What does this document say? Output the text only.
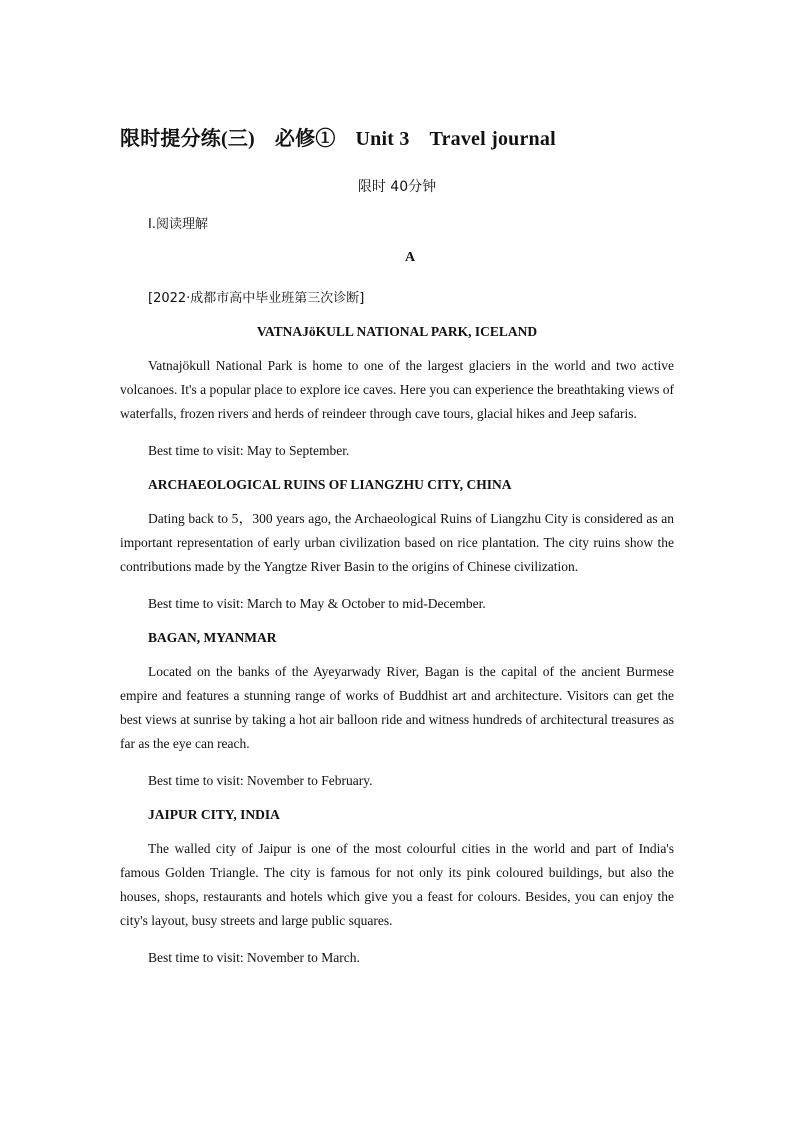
限时提分练(三) 必修① Unit 3 Travel journal
限时 40分钟
Ⅰ.阅读理解
A
[2022·成都市高中毕业班第三次诊断]
VATNAJöKULL NATIONAL PARK, ICELAND
Vatnajökull National Park is home to one of the largest glaciers in the world and two active volcanoes. It's a popular place to explore ice caves. Here you can experience the breathtaking views of waterfalls, frozen rivers and herds of reindeer through cave tours, glacial hikes and Jeep safaris.
Best time to visit: May to September.
ARCHAEOLOGICAL RUINS OF LIANGZHU CITY, CHINA
Dating back to 5，300 years ago, the Archaeological Ruins of Liangzhu City is considered as an important representation of early urban civilization based on rice plantation. The city ruins show the contributions made by the Yangtze River Basin to the origins of Chinese civilization.
Best time to visit: March to May & October to mid-December.
BAGAN, MYANMAR
Located on the banks of the Ayeyarwady River, Bagan is the capital of the ancient Burmese empire and features a stunning range of works of Buddhist art and architecture. Visitors can get the best views at sunrise by taking a hot air balloon ride and witness hundreds of architectural treasures as far as the eye can reach.
Best time to visit: November to February.
JAIPUR CITY, INDIA
The walled city of Jaipur is one of the most colourful cities in the world and part of India's famous Golden Triangle. The city is famous for not only its pink coloured buildings, but also the houses, shops, restaurants and hotels which give you a feast for colours. Besides, you can enjoy the city's layout, busy streets and large public squares.
Best time to visit: November to March.
